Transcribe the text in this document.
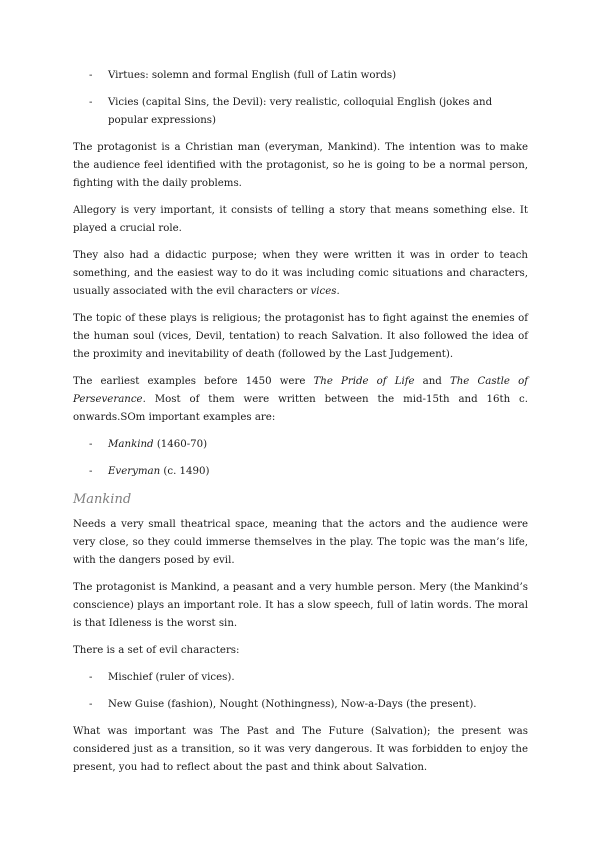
- Virtues: solemn and formal English (full of Latin words)
- Vicies (capital Sins, the Devil): very realistic, colloquial English (jokes and popular expressions)

The protagonist is a Christian man (everyman, Mankind). The intention was to make the audience feel identified with the protagonist, so he is going to be a normal person, fighting with the daily problems.

Allegory is very important, it consists of telling a story that means something else. It played a crucial role.

They also had a didactic purpose; when they were written it was in order to teach something, and the easiest way to do it was including comic situations and characters, usually associated with the evil characters or vices.

The topic of these plays is religious; the protagonist has to fight against the enemies of the human soul (vices, Devil, tentation) to reach Salvation. It also followed the idea of the proximity and inevitability of death (followed by the Last Judgement).

The earliest examples before 1450 were The Pride of Life and The Castle of Perseverance. Most of them were written between the mid-15th and 16th c. onwards.SOm important examples are:

- Mankind (1460-70)
- Everyman (c. 1490)
Mankind

Needs a very small theatrical space, meaning that the actors and the audience were very close, so they could immerse themselves in the play. The topic was the man’s life, with the dangers posed by evil.

The protagonist is Mankind, a peasant and a very humble person. Mery (the Mankind’s conscience) plays an important role. It has a slow speech, full of latin words. The moral is that Idleness is the worst sin.

There is a set of evil characters:

- Mischief (ruler of vices).
- New Guise (fashion), Nought (Nothingness), Now-a-Days (the present).

What was important was The Past and The Future (Salvation); the present was considered just as a transition, so it was very dangerous. It was forbidden to enjoy the present, you had to reflect about the past and think about Salvation.
